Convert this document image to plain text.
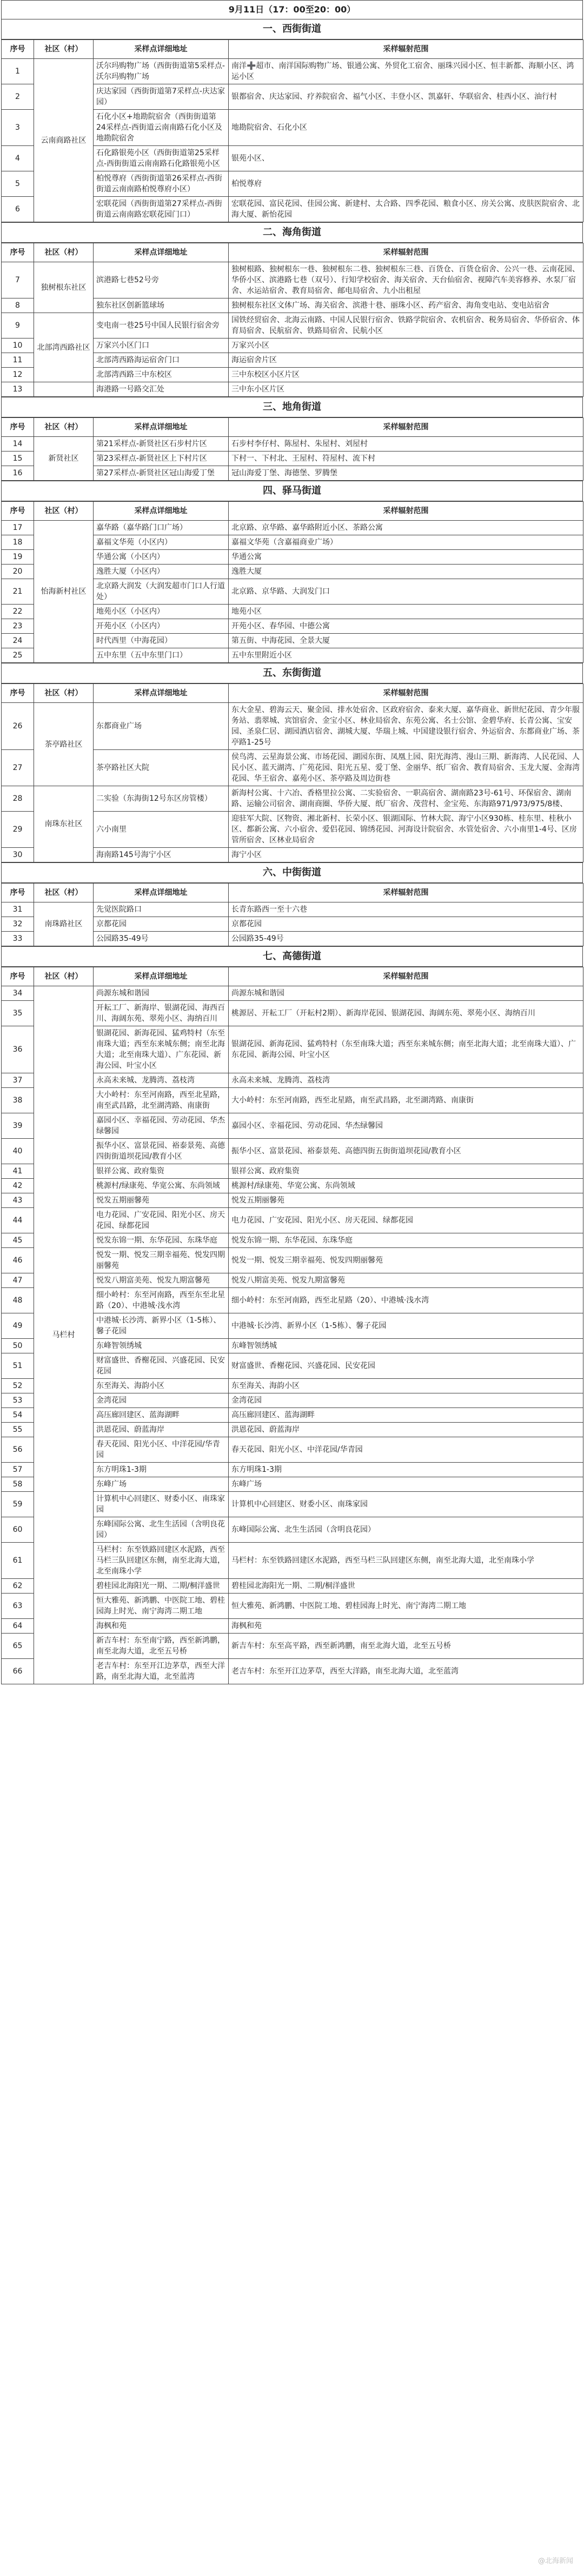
9月11日（17：00至20：00）
一、西街街道
序号	社区（村）	采样点详细地址	采样辐射范围
1	云南商路社区	沃尔玛购物广场（西街街道第5采样点-沃尔玛购物广场	南洋➕超市、南洋国际购物广场、银通公寓、外贸化工宿舍、丽珠兴园小区、恒丰新都、海顺小区、鸿运小区
2		庆达家园（西街街道第7采样点-庆达家园）	银都宿舍、庆达家园、疗养院宿舍、福气小区、丰登小区、凯嘉轩、华联宿舍、桂西小区、油行村
3		石化小区+地勘院宿舍（西街街道第24采样点-西街道云南南路石化小区及地勘院宿舍	地勘院宿舍、石化小区
4		石化路银苑小区（西街街道第25采样点-西街街道云南南路石化路银苑小区	银苑小区、
5		柏悦尊府（西街街道第26采样点-西街街道云南南路柏悦尊府小区）	柏悦尊府
6		宏联花园（西街街道第27采样点-西街街道云南南路宏联花园门口）	宏联花园、富民花园、佳园公寓、新建村、太合路、四季花园、粮食小区、房关公寓、皮肤医院宿舍、北海大厦、新怡花园
二、海角街道
序号	社区（村）	采样点详细地址	采样辐射范围
7	独树根东社区	滨港路七巷52号旁	独树根路、独树根东一巷、独树根东二巷、独树根东三巷、百货仓、百货仓宿舍、公兴一巷、云南花园、华侨小区、滨港路七巷（双号）、行知学校宿舍、海关宿舍、天台仙宿舍、视障汽车美容修养、水泵厂宿舍、水运站宿舍、教育局宿舍、邮电局宿舍、九小出租屋
8		独东社区创新篮球场	独树根东社区文体广场、海关宿舍、滨港十巷、丽珠小区、药产宿舍、海角变电站、变电站宿舍
9	北部湾西路社区	变电南一巷25号中国人民银行宿舍旁	国铁经贸宿舍、北海云南路、中国人民银行宿舍、铁路学院宿舍、农机宿舍、税务局宿舍、华侨宿舍、体育局宿舍、民航宿舍、铁路局宿舍、民航小区
10		万家兴小区门口	万家兴小区
11		北部湾西路海运宿舍门口	海运宿舍片区
12		北部湾西路三中东校区	三中东校区小区片区
13		海港路一号路交汇处	三中东小区片区
三、地角街道
序号	社区（村）	采样点详细地址	采样辐射范围
14	新贤社区	第21采样点-新贤社区石步村片区	石步村李仔村、陈屋村、朱屋村、刘屋村
15		第23采样点-新贤社区上下村片区	下村一、下村北、王屋村、符屋村、流下村
16		第27采样点-新贤社区冠山海爱丁堡	冠山海爱丁堡、海德堡、罗腾堡
四、驿马街道
序号	社区（村）	采样点详细地址	采样辐射范围
17	怡海新村社区	嘉华路（嘉华路门口广场）	北京路、京华路、嘉华路附近小区、茶路公寓
18		嘉福文华苑（小区内）	嘉福文华苑（含嘉福商业广场）
19		华通公寓（小区内）	华通公寓
20		逸胜大厦（小区内）	逸胜大厦
21		北京路大润发（大润发超市门口人行道处）	北京路、京华路、大润发门口
22		地苑小区（小区内）	地苑小区
23		开苑小区（小区内）	开苑小区、春华园、中德公寓
24		时代西里（中海花园）	第五街、中海花园、全景大厦
25		五中东里（五中东里门口）	五中东里附近小区
五、东街街道
序号	社区（村）	采样点详细地址	采样辐射范围
26	茶亭路社区	东都商业广场	东大金星、碧海云天、聚金园、排水处宿舍、区政府宿舍、泰来大厦、嘉华商业、新世纪花园、青少年服务站、翡翠城、宾馆宿舍、金宝小区、林业局宿舍、东苑公寓、名士公馆、金碧华府、长青公寓、宝安园、圣泉仁居、湖园酒店宿舍、湖城大厦、华瑞上城、中国建设银行宿舍、外运宿舍、东都商业广场、茶亭路1-25号
27		茶亭路社区大院	侯鸟湾、云星海景公寓、市场花园、湖园东街、凤凰上园、阳光海湾、漫山三期、新海湾、人民花园、人民小区、蓝天湖湾、广苑花园、阳光五星、爱丁堡、金丽华、纸厂宿舍、教育局宿舍、玉龙大厦、金海湾花园、华王宿舍、嘉苑小区、茶亭路及周边街巷
28	南珠东社区	二实验（东海街12号东区房管楼）	新海村公寓、十六冶、香格里拉公寓、二实验宿舍、一职高宿舍、湖南路23号-61号、环保宿舍、湖南路、运输公司宿舍、湖南商圈、华侨大厦、纸厂宿舍、茂营村、金宝苑、东海路971/973/975/8楼、
29		六小南里	迎驻军大院、区物资、湘北新村、长荣小区、银湖国际、竹林大院、海宁小区930栋、桂东里、桂秋小区、都新公寓、六小宿舍、爱侣花园、锦绣花园、河海设计院宿舍、水管处宿舍、六小南里1-4号、区房管所宿舍、区林业局宿舍
30		海南路145号海宁小区	海宁小区
六、中街街道
序号	社区（村）	采样点详细地址	采样辐射范围
31	南珠路社区	先觉医院路口	长青东路西一至十六巷
32		京都花园	京都花园
33		公园路35-49号	公园路35-49号
七、高德街道
序号	社区（村）	采样点详细地址	采样辐射范围
34	马栏村	尚源东城和谐园	尚源东城和谐园
35		开耘工厂、新海岸、银湖花园、海西百川、海阔东苑、翠苑小区、海纳百川	桃源居、开耘工厂（开耘村2期）、新海岸花园、银湖花园、海阔东苑、翠苑小区、海纳百川
36		银湖花园、新海花园、猛鸡特村（东至南珠大道；西至东来城东侧；南至北海大道；北至南珠大道）、广东花园、新海公园、叶宝小区	银湖花园、新海花园、猛鸡特村（东至南珠大道；西至东来城东侧；南至北海大道；北至南珠大道）、广东花园、新海公园、叶宝小区
37		永高未来城、龙腾湾、荔枝湾	永高未来城、龙腾湾、荔枝湾
38		大小岭村：东至河南路，西至北星路，南至武昌路，北至湖湾路、南康街	大小岭村：东至河南路，西至北星路，南至武昌路，北至湖湾路、南康街
39		嘉园小区、幸福花园、劳动花园、华杰绿馨园	嘉园小区、幸福花园、劳动花园、华杰绿馨园
40		振华小区、富景花园、裕泰景苑、高德四街街道坝花园/教育小区	振华小区、富景花园、裕泰景苑、高德四街五街街道坝花园/教育小区
41		银祥公寓、政府集资	银祥公寓、政府集资
42		桃源村/绿康苑、华宽公寓、东尚领域	桃源村/绿康苑、华宽公寓、东尚领域
43		悦发五期丽馨苑	悦发五期丽馨苑
44		电力花园、广安花园、阳光小区、房天花园、绿都花园	电力花园、广安花园、阳光小区、房天花园、绿都花园
45		悦发东锦一期、东华花园、东珠华庭	悦发东锦一期、东华花园、东珠华庭
46		悦发一期、悦发三期幸福苑、悦发四期丽馨苑	悦发一期、悦发三期幸福苑、悦发四期丽馨苑
47		悦发八期富美苑、悦发九期富馨苑	悦发八期富美苑、悦发九期富馨苑
48		细小岭村：东至河南路，西至东至北星路（20）、中港城·浅水湾	细小岭村：东至河南路，西至北星路（20）、中港城·浅水湾
49		中港城·长沙湾、新界小区（1-5栋）、馨子花园	中港城·长沙湾、新界小区（1-5栋）、馨子花园
50		东峰智领绣城	东峰智领绣城
51		财富盛世、香榭花园、兴盛花园、民安花园	财富盛世、香榭花园、兴盛花园、民安花园
52		东至海关、海韵小区	东至海关、海韵小区
53		金湾花园	金湾花园
54		高压廊回建区、蓝海湖畔	高压廊回建区、蓝海湖畔
55		洪恩花园、蔚蓝海岸	洪恩花园、蔚蓝海岸
56		春天花园、阳光小区、中洋花园/华青园	春天花园、阳光小区、中洋花园/华青园
57		东方明珠1-3期	东方明珠1-3期
58		东峰广场	东峰广场
59		计算机中心回建区、财委小区、南珠家园	计算机中心回建区、财委小区、南珠家园
60		东峰国际公寓、北生生活园（含明良花园）	东峰国际公寓、北生生活园（含明良花园）
61		马栏村：东至铁路回建区水泥路，西至马栏三队回建区东侧，南至北海大道，北至南珠小学	马栏村：东至铁路回建区水泥路，西至马栏三队回建区东侧，南至北海大道，北至南珠小学
62		碧桂园北海阳光一期、二期/桐洋盛世	碧桂园北海阳光一期、二期/桐洋盛世
63		恒大雅苑、新鸿鹏、中医院工地、碧桂园海上时光、南宁海湾二期工地	恒大雅苑、新鸿鹏、中医院工地、碧桂园海上时光、南宁海湾二期工地
64		海枫和苑	海枫和苑
65		新吉车村：东至南宁路，西至新鸿鹏，南至北海大道，北至五号桥	新吉车村：东至高平路，西至新鸿鹏，南至北海大道，北至五号桥
66		老吉车村：东至开江边茅草，西至大洋路，南至北海大道，北至蓝湾	老吉车村：东至开江边茅草，西至大洋路，南至北海大道，北至蓝湾
@北海新闻
